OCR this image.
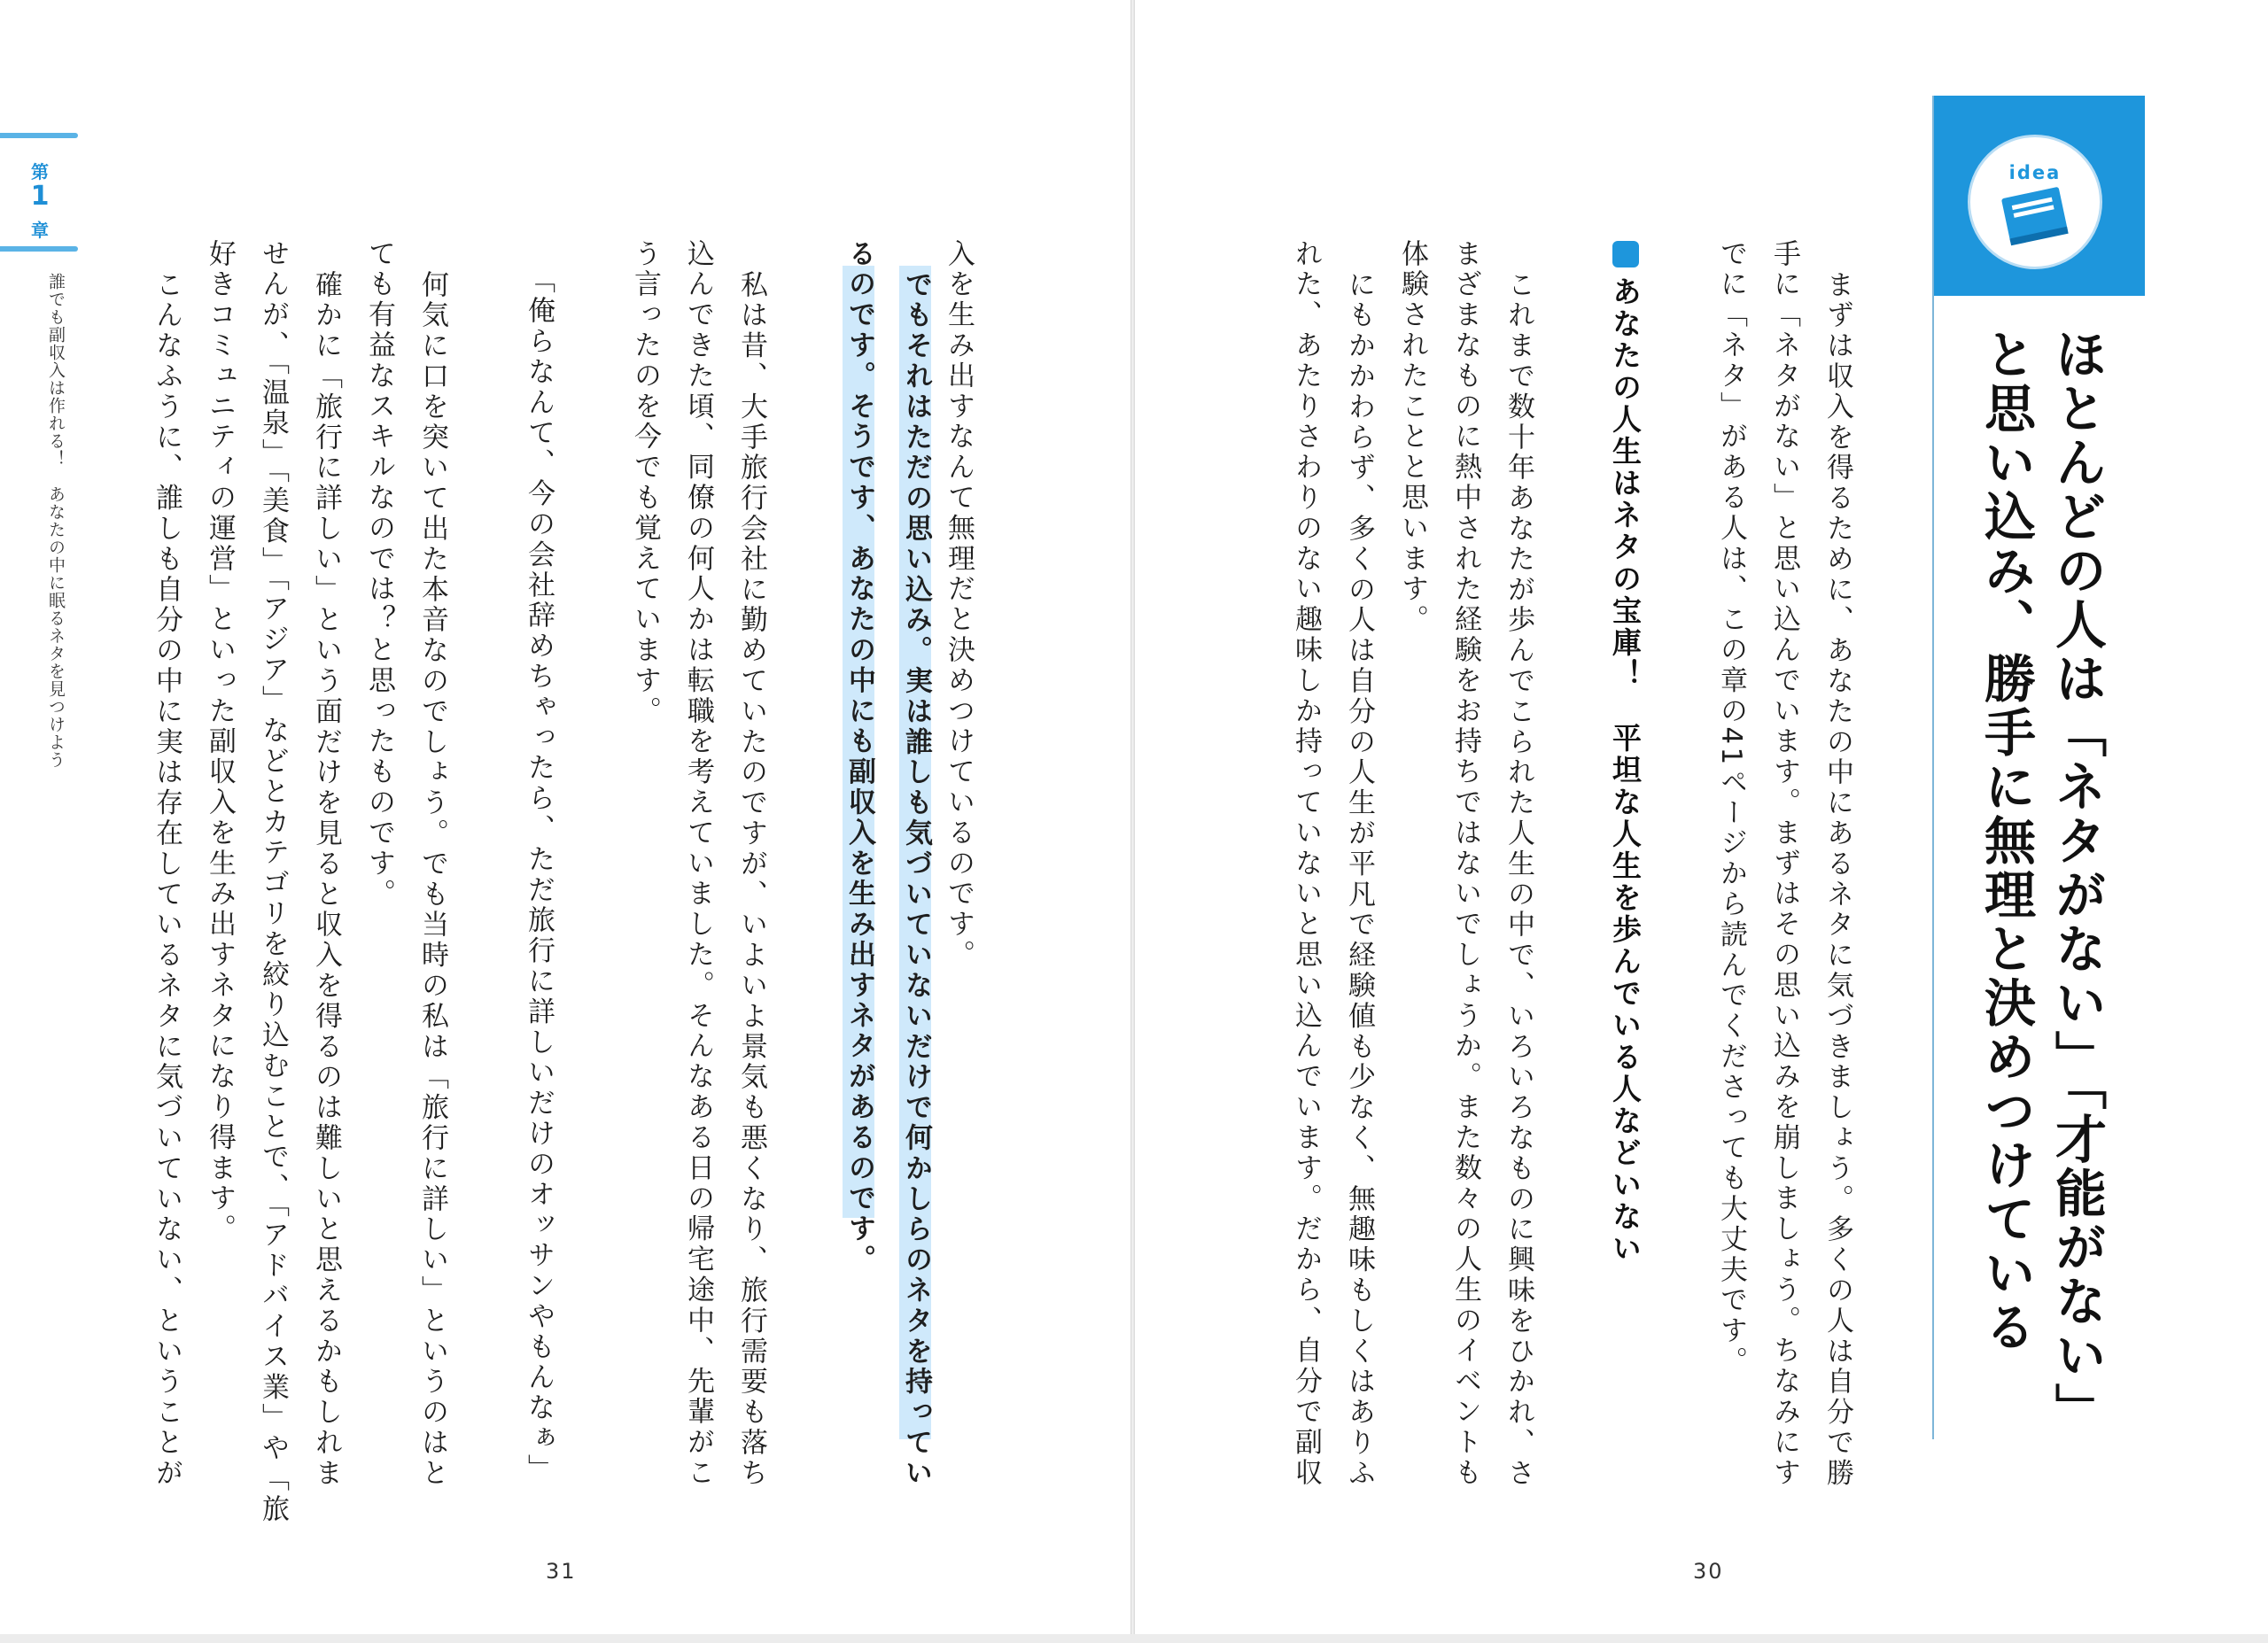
第
1
章
誰でも副収入は作れる！　あなたの中に眠るネタを見つけよう	入を生み出すなんて無理だと決めつけているのです。
でもそれはただの思い込み。実は誰しも気づいていないだけで何かしらのネタを持ってい
るのです。そうです、あなたの中にも副収入を生み出すネタがあるのです。
私は昔、大手旅行会社に勤めていたのですが、いよいよ景気も悪くなり、旅行需要も落ち
込んできた頃、同僚の何人かは転職を考えていました。そんなある日の帰宅途中、先輩がこ
う言ったのを今でも覚えています。
「俺らなんて、今の会社辞めちゃったら、ただ旅行に詳しいだけのオッサンやもんなぁ」
何気に口を突いて出た本音なのでしょう。でも当時の私は「旅行に詳しい」というのはと
ても有益なスキルなのでは？と思ったものです。
確かに「旅行に詳しい」という面だけを見ると収入を得るのは難しいと思えるかもしれま
せんが、「温泉」「美食」「アジア」などとカテゴリを絞り込むことで、「アドバイス業」や「旅
好きコミュニティの運営」といった副収入を生み出すネタになり得ます。
こんなふうに、誰しも自分の中に実は存在しているネタに気づいていない、ということが
31
idea
ほとんどの人は「ネタがない」「才能がない」
と思い込み、勝手に無理と決めつけている
まずは収入を得るために、あなたの中にあるネタに気づきましょう。多くの人は自分で勝
手に「ネタがない」と思い込んでいます。まずはその思い込みを崩しましょう。ちなみにす
でに「ネタ」がある人は、この章の41ページから読んでくださっても大丈夫です。
あなたの人生はネタの宝庫！　平坦な人生を歩んでいる人などいない
これまで数十年あなたが歩んでこられた人生の中で、いろいろなものに興味をひかれ、さ
まざまなものに熱中された経験をお持ちではないでしょうか。また数々の人生のイベントも
体験されたことと思います。
にもかかわらず、多くの人は自分の人生が平凡で経験値も少なく、無趣味もしくはありふ
れた、あたりさわりのない趣味しか持っていないと思い込んでいます。だから、自分で副収
30
